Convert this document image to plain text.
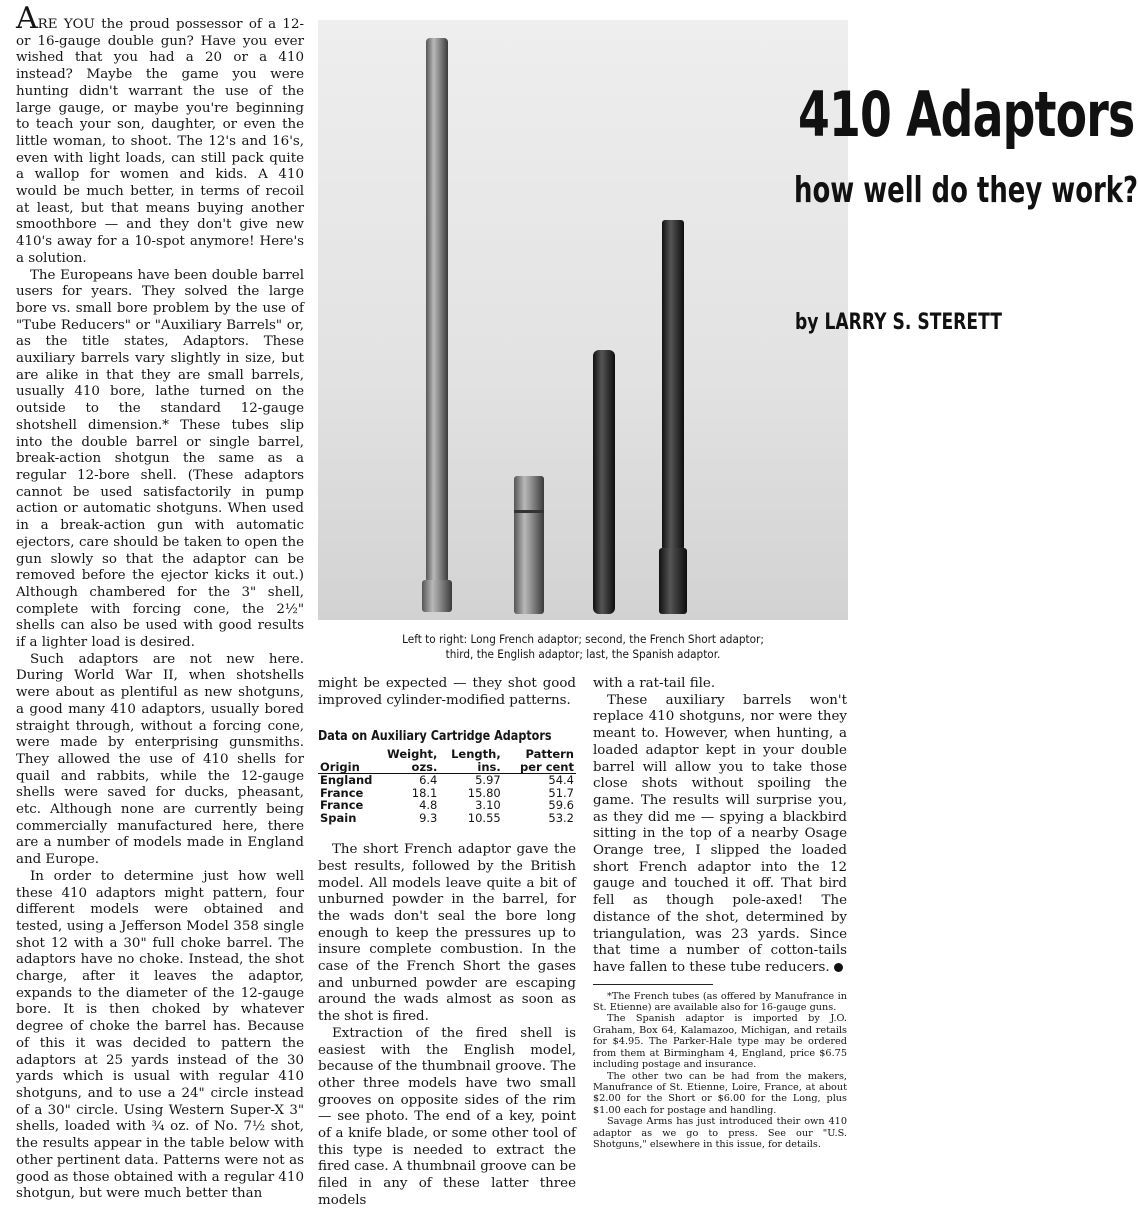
ARE YOU the proud possessor of a 12- or 16-gauge double gun? Have you ever wished that you had a 20 or a 410 instead? Maybe the game you were hunting didn't warrant the use of the large gauge, or maybe you're beginning to teach your son, daughter, or even the little woman, to shoot. The 12's and 16's, even with light loads, can still pack quite a wallop for women and kids. A 410 would be much better, in terms of recoil at least, but that means buying another smoothbore — and they don't give new 410's away for a 10-spot anymore! Here's a solution.

The Europeans have been double barrel users for years. They solved the large bore vs. small bore problem by the use of "Tube Reducers" or "Auxiliary Barrels" or, as the title states, Adaptors. These auxiliary barrels vary slightly in size, but are alike in that they are small barrels, usually 410 bore, lathe turned on the outside to the standard 12-gauge shotshell dimension.* These tubes slip into the double barrel or single barrel, break-action shotgun the same as a regular 12-bore shell. (These adaptors cannot be used satisfactorily in pump action or automatic shotguns. When used in a break-action gun with automatic ejectors, care should be taken to open the gun slowly so that the adaptor can be removed before the ejector kicks it out.) Although chambered for the 3" shell, complete with forcing cone, the 2½" shells can also be used with good results if a lighter load is desired.

Such adaptors are not new here. During World War II, when shotshells were about as plentiful as new shotguns, a good many 410 adaptors, usually bored straight through, without a forcing cone, were made by enterprising gunsmiths. They allowed the use of 410 shells for quail and rabbits, while the 12-gauge shells were saved for ducks, pheasant, etc. Although none are currently being commercially manufactured here, there are a number of models made in England and Europe.

In order to determine just how well these 410 adaptors might pattern, four different models were obtained and tested, using a Jefferson Model 358 single shot 12 with a 30" full choke barrel. The adaptors have no choke. Instead, the shot charge, after it leaves the adaptor, expands to the diameter of the 12-gauge bore. It is then choked by whatever degree of choke the barrel has. Because of this it was decided to pattern the adaptors at 25 yards instead of the 30 yards which is usual with regular 410 shotguns, and to use a 24" circle instead of a 30" circle. Using Western Super-X 3" shells, loaded with ¾ oz. of No. 7½ shot, the results appear in the table below with other pertinent data. Patterns were not as good as those obtained with a regular 410 shotgun, but were much better than

410 Adaptors
how well do they work?
by LARRY S. STERETT
Left to right: Long French adaptor; second, the French Short adaptor;
third, the English adaptor; last, the Spanish adaptor.

might be expected — they shot good improved cylinder-modified patterns.

Data on Auxiliary Cartridge Adaptors
Origin	Weight, ozs.	Length, ins.	Pattern per cent
England	6.4	5.97	54.4
France	18.1	15.80	51.7
France	4.8	3.10	59.6
Spain	9.3	10.55	53.2

The short French adaptor gave the best results, followed by the British model. All models leave quite a bit of unburned powder in the barrel, for the wads don't seal the bore long enough to keep the pressures up to insure complete combustion. In the case of the French Short the gases and unburned powder are escaping around the wads almost as soon as the shot is fired.

Extraction of the fired shell is easiest with the English model, because of the thumbnail groove. The other three models have two small grooves on opposite sides of the rim — see photo. The end of a key, point of a knife blade, or some other tool of this type is needed to extract the fired case. A thumbnail groove can be filed in any of these latter three models

with a rat-tail file.

These auxiliary barrels won't replace 410 shotguns, nor were they meant to. However, when hunting, a loaded adaptor kept in your double barrel will allow you to take those close shots without spoiling the game. The results will surprise you, as they did me — spying a blackbird sitting in the top of a nearby Osage Orange tree, I slipped the loaded short French adaptor into the 12 gauge and touched it off. That bird fell as though pole-axed! The distance of the shot, determined by triangulation, was 23 yards. Since that time a number of cotton-tails have fallen to these tube reducers.

*The French tubes (as offered by Manufrance in St. Etienne) are available also for 16-gauge guns.

The Spanish adaptor is imported by J.O. Graham, Box 64, Kalamazoo, Michigan, and retails for $4.95. The Parker-Hale type may be ordered from them at Birmingham 4, England, price $6.75 including postage and insurance.

The other two can be had from the makers, Manufrance of St. Etienne, Loire, France, at about $2.00 for the Short or $6.00 for the Long, plus $1.00 each for postage and handling.

Savage Arms has just introduced their own 410 adaptor as we go to press. See our "U.S. Shotguns," elsewhere in this issue, for details.
